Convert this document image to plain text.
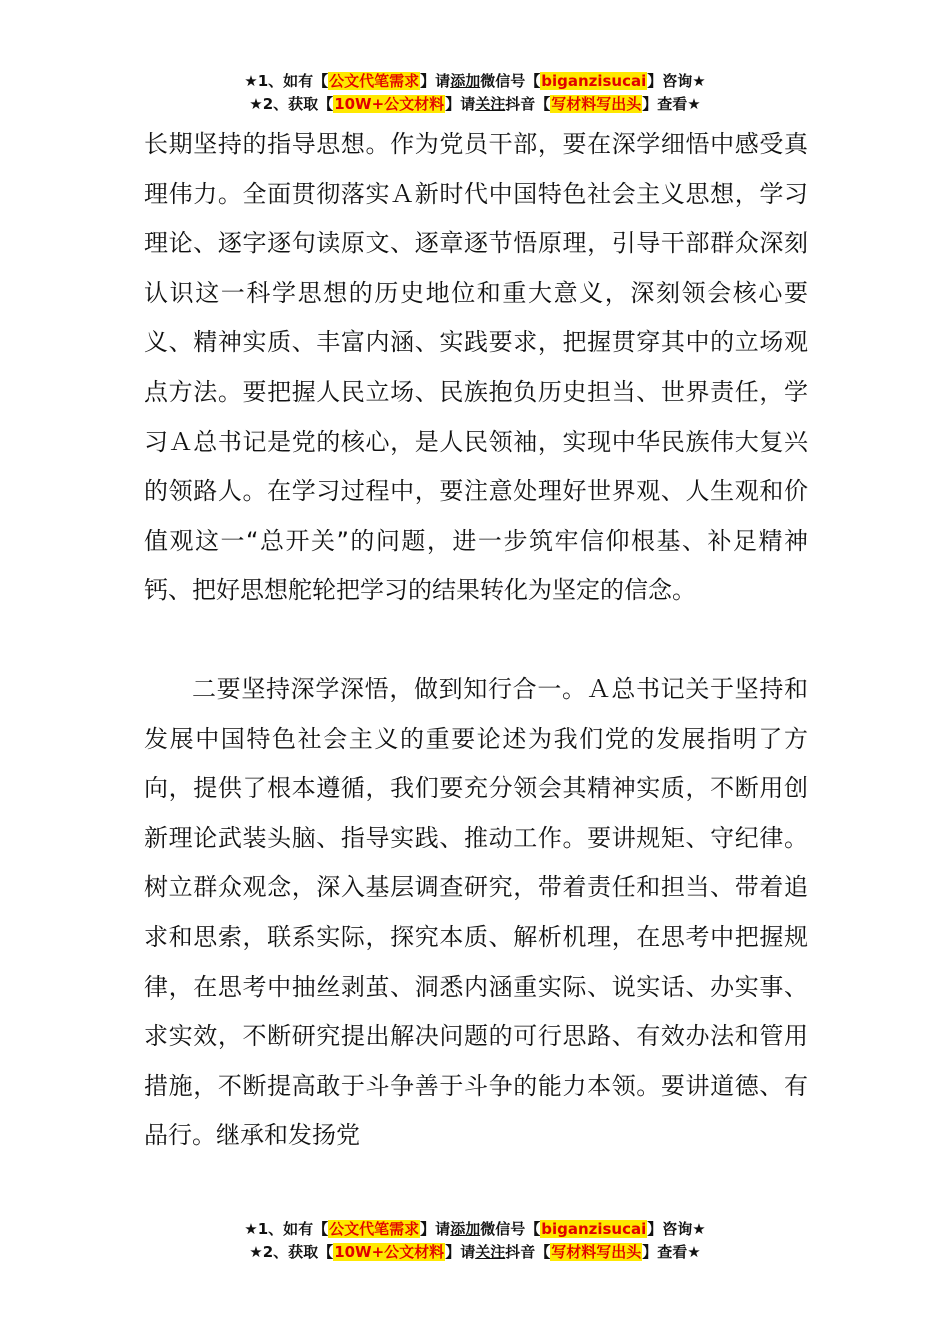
★1、如有【公文代笔需求】请添加微信号【biganzisucai】咨询★
★2、获取【10W+公文材料】请关注抖音【写材料写出头】查看★

长期坚持的指导思想。作为党员干部，要在深学细悟中感受真理伟力。全面贯彻落实Ａ新时代中国特色社会主义思想，学习理论、逐字逐句读原文、逐章逐节悟原理，引导干部群众深刻认识这一科学思想的历史地位和重大意义，深刻领会核心要义、精神实质、丰富内涵、实践要求，把握贯穿其中的立场观点方法。要把握人民立场、民族抱负历史担当、世界责任，学习Ａ总书记是党的核心，是人民领袖，实现中华民族伟大复兴的领路人。在学习过程中，要注意处理好世界观、人生观和价值观这一“总开关”的问题，进一步筑牢信仰根基、补足精神钙、把好思想舵轮把学习的结果转化为坚定的信念。

二要坚持深学深悟，做到知行合一。Ａ总书记关于坚持和发展中国特色社会主义的重要论述为我们党的发展指明了方向，提供了根本遵循，我们要充分领会其精神实质，不断用创新理论武装头脑、指导实践、推动工作。要讲规矩、守纪律。树立群众观念，深入基层调查研究，带着责任和担当、带着追求和思索，联系实际，探究本质、解析机理，在思考中把握规律，在思考中抽丝剥茧、洞悉内涵重实际、说实话、办实事、求实效，不断研究提出解决问题的可行思路、有效办法和管用措施，不断提高敢于斗争善于斗争的能力本领。要讲道德、有品行。继承和发扬党

★1、如有【公文代笔需求】请添加微信号【biganzisucai】咨询★
★2、获取【10W+公文材料】请关注抖音【写材料写出头】查看★
